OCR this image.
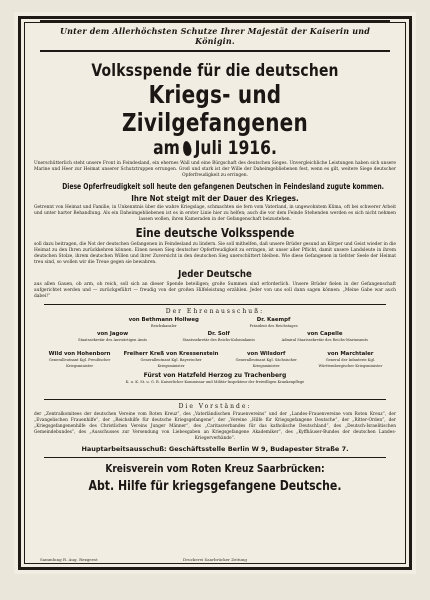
Unter dem Allerhöchsten Schutze Ihrer Majestät der Kaiserin und Königin.
Volksspende für die deutschen
Kriegs- und Zivilgefangenen
am Juli 1916.
Unerschütterlich steht unsere Front in Feindesland, ein ehernes Wall und eine Bürgschaft des deutschen Sieges. Unvergleichliche Leistungen haben sich unsere Marine und Heer zur Heimat unserer Schutztruppen errungen. Groß und stark ist der Wille der Daheimgebliebenen fest, wenn es gilt, weitere Siege deutscher Opferfreudigkeit zu erringen.
Diese Opferfreudigkeit soll heute den gefangenen Deutschen in Feindesland zugute kommen.
Ihre Not steigt mit der Dauer des Krieges.
Getrennt von Heimat und Familie, in Unkenntnis über die wahre Kriegslage, schmachten sie fern vom Vaterland, in ungewohntem Klima, oft bei schwerer Arbeit und unter harter Behandlung. Als ein Daheimgebliebenen ist es in erster Linie hier zu helfen; auch die vor dem Feinde Stehenden werden es sich nicht nehmen lassen wollen, ihren Kameraden in der Gefangenschaft beizustehen.
Eine deutsche Volksspende
soll dazu beitragen, die Not der deutschen Gefangenen in Feindesland zu lindern. Sie soll mithelfen, daß unsere Brüder gesund an Körper und Geist wieder in die Heimat zu den Ihren zurückkehren können. Einen neuen Sieg deutscher Opferfreudigkeit zu erringen, ist unser aller Pflicht, damit unsere Landsleute in ihrem deutschen Stolze, ihrem deutschen Willen und ihrer Zuversicht in den deutschen Sieg unerschüttert bleiben. Wie diese Gefangenen in tiefster Seele der Heimat treu sind, so wollen wir die Treue gegen sie bewahren.
Jeder Deutsche
aus allen Gauen, ob arm, ob reich, soll sich an dieser Spende beteiligen; große Summen sind erforderlich. Unsere Brüder fielen in der Gefangenschaft aufgerichtet werden und — zurückgeführt — freudig von der großen Hilfeleistung erzählen. Jeder von uns soll dann sagen können: „Meine Gabe war auch dabei!“
Der Ehrenausschuß:
von Bethmann Hollweg
Reichskanzler
Dr. Kaempf
Präsident des Reichstages
von Jagow
Staatssekretär des Auswärtigen Amts
Dr. Solf
Staatssekretär des Reichs-Kolonialamts
von Capelle
Admiral Staatssekretär des Reichs-Marineamts
Wild von Hohenborn
Generalleutnant Kgl. Preußischer Kriegsminister
Freiherr Kreß von Kressenstein
Generalleutnant Kgl. Bayerischer Kriegsminister
von Wilsdorf
Generalleutnant Kgl. Sächsischer Kriegsminister
von Marchtaler
General der Infanterie Kgl. Württembergischer Kriegsminister
Fürst von Hatzfeld Herzog zu Trachenberg
K. u. K. St. u. G. R. Kaiserlicher Kommissar und Militär-Inspekteur der freiwilligen Krankenpflege
Die Vorstände:
der „Zentralkomitees der deutschen Vereine vom Roten Kreuz“, des „Vaterländischen Frauenvereins“ und der „Landes-Frauenvereine vom Roten Kreuz“, der „Evangelischen Frauenhilfe“, der „Reichshilfe für deutsche Kriegsgefangene“, der „Vereine „Hilfe für Kriegsgefangene Deutsche“, der „Ritter-Orden“, der „Kriegsgefangenenhilfe des Christlichen Vereins Junger Männer“, des „Caritasverbandes für das katholische Deutschland“, des „Deutsch-Israelitischen Gemeindebundes“, des „Ausschusses zur Versendung von Liebesgaben an Kriegsgefangene Akademiker“, des „Kyffhäuser-Bundes der deutschen Landes-Kriegerverbände“.
Hauptarbeitsausschuß: Geschäftsstelle Berlin W 9, Budapester Straße 7.
Kreisverein vom Roten Kreuz Saarbrücken:
Abt. Hilfe für kriegsgefangene Deutsche.
Sammlung R. Aug. Rexgeest	Druckerei Saarbrücker Zeitung
